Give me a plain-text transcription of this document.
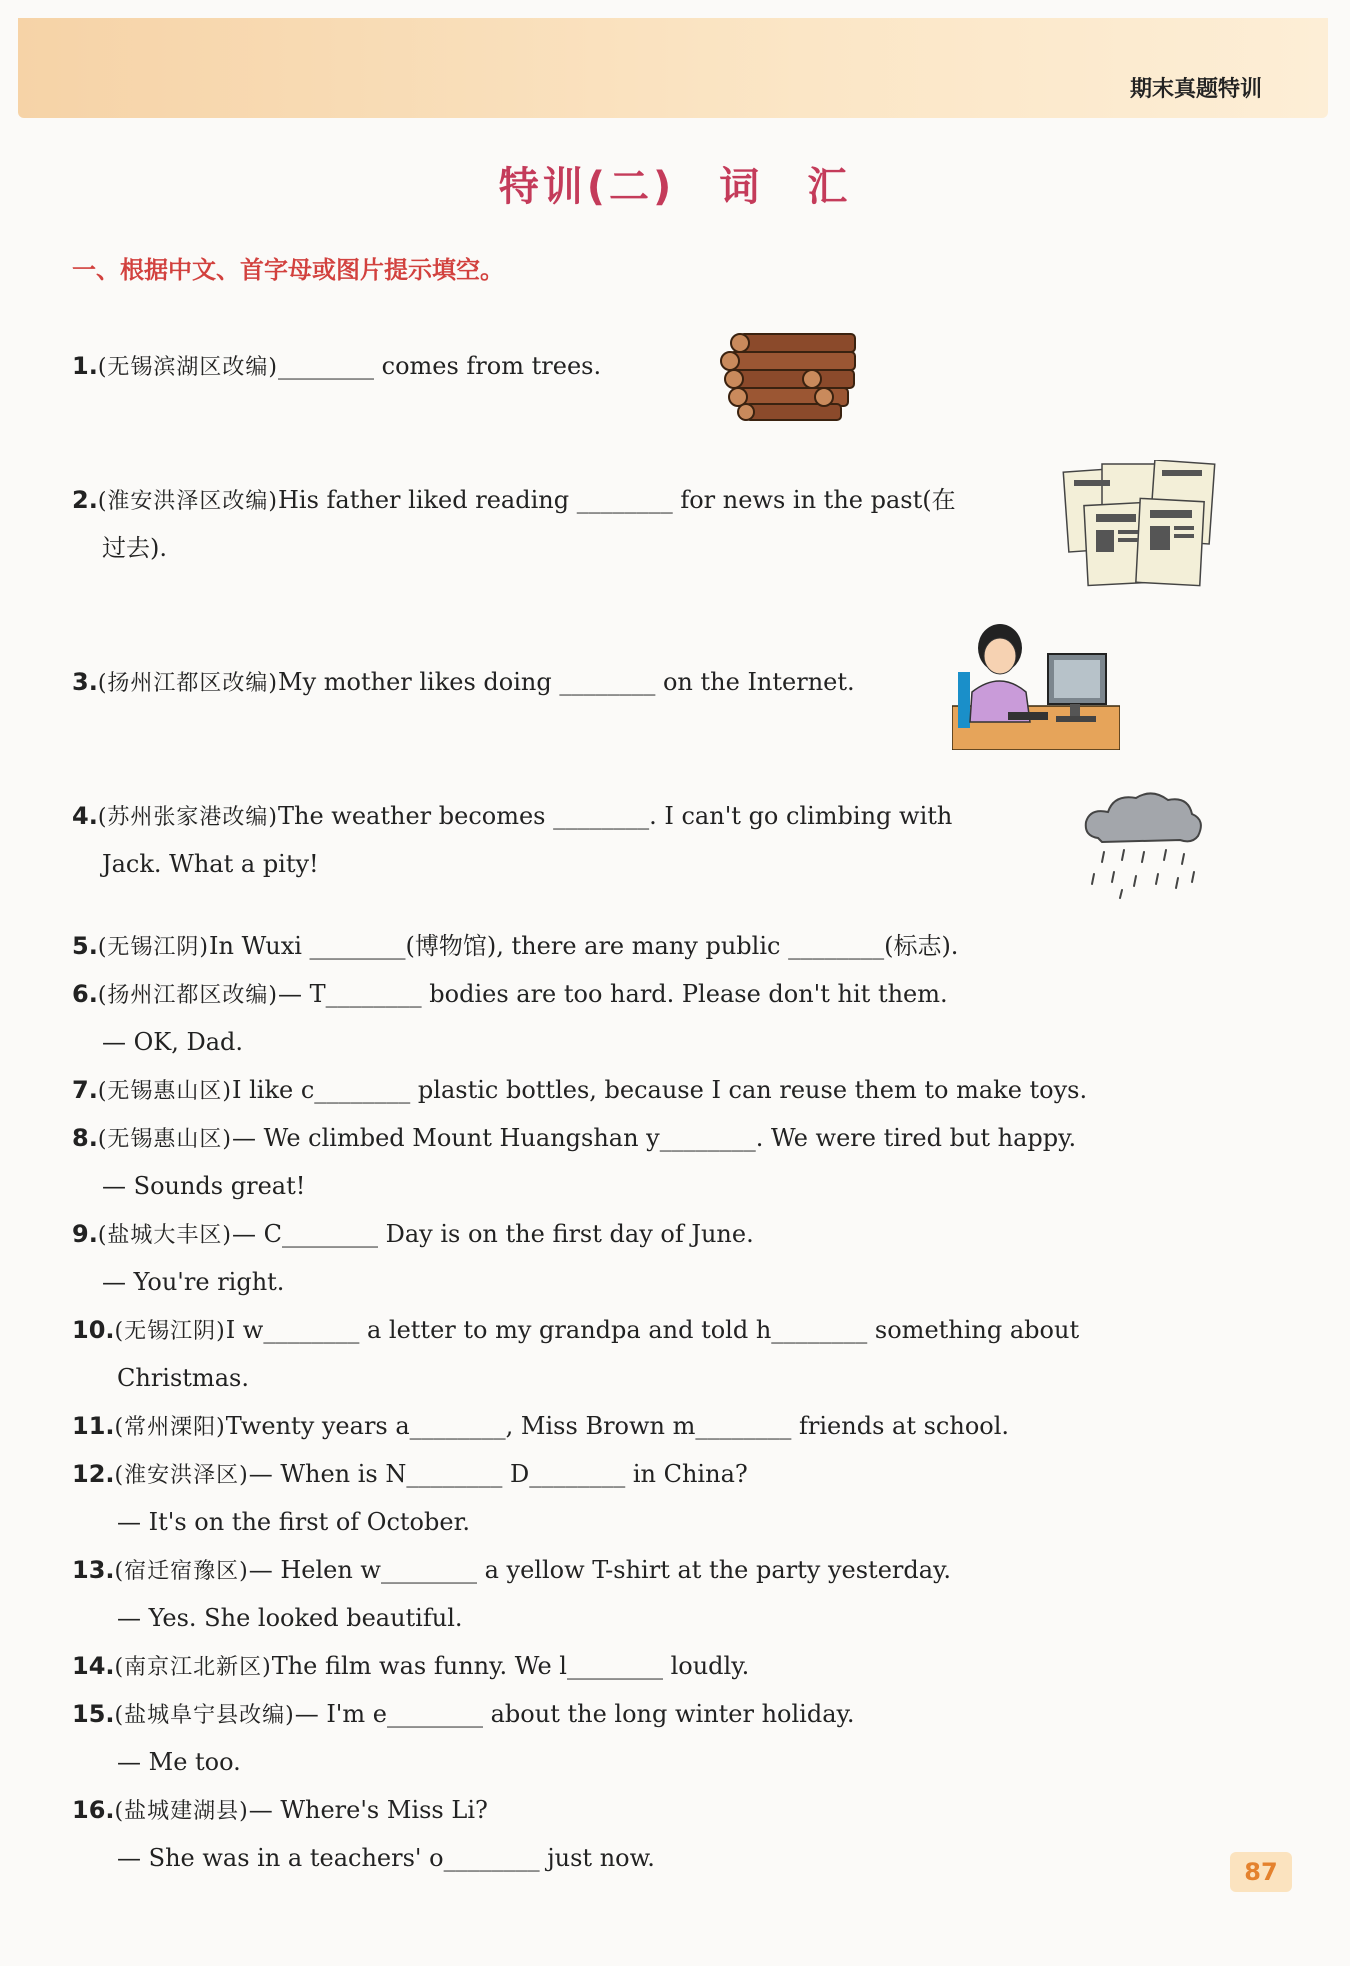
期末真题特训
特训(二)　词　汇
一、根据中文、首字母或图片提示填空。
1.(无锡滨湖区改编)________ comes from trees.
2.(淮安洪泽区改编)His father liked reading ________ for news in the past(在
过去).
3.(扬州江都区改编)My mother likes doing ________ on the Internet.
4.(苏州张家港改编)The weather becomes ________. I can't go climbing with
Jack. What a pity!
5.(无锡江阴)In Wuxi ________(博物馆), there are many public ________(标志).
6.(扬州江都区改编)— T________ bodies are too hard. Please don't hit them.
— OK, Dad.
7.(无锡惠山区)I like c________ plastic bottles, because I can reuse them to make toys.
8.(无锡惠山区)— We climbed Mount Huangshan y________. We were tired but happy.
— Sounds great!
9.(盐城大丰区)— C________ Day is on the first day of June.
— You're right.
10.(无锡江阴)I w________ a letter to my grandpa and told h________ something about
Christmas.
11.(常州溧阳)Twenty years a________, Miss Brown m________ friends at school.
12.(淮安洪泽区)— When is N________ D________ in China?
— It's on the first of October.
13.(宿迁宿豫区)— Helen w________ a yellow T-shirt at the party yesterday.
— Yes. She looked beautiful.
14.(南京江北新区)The film was funny. We l________ loudly.
15.(盐城阜宁县改编)— I'm e________ about the long winter holiday.
— Me too.
16.(盐城建湖县)— Where's Miss Li?
— She was in a teachers' o________ just now.	87
